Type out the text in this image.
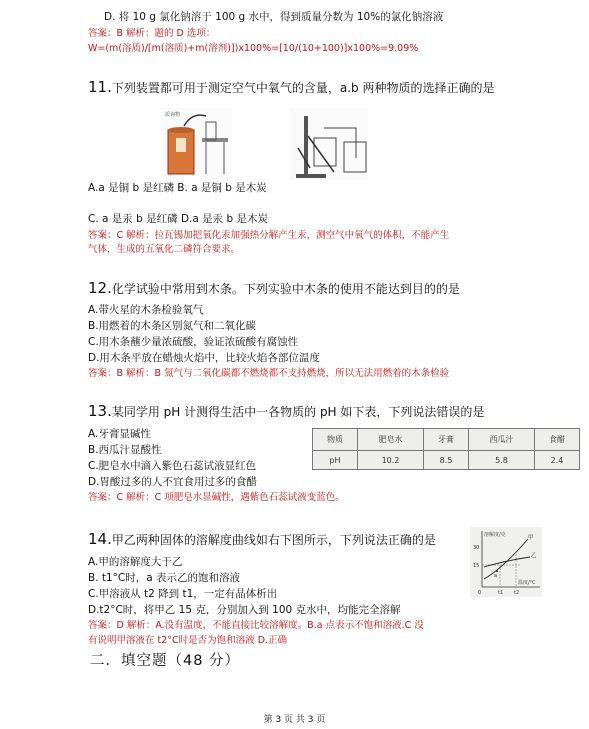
D. 将 10 g 氯化钠溶于 100 g 水中，得到质量分数为 10%的氯化钠溶液
答案：B 解析：题的 D 选项：
W=(m(溶质)/[m(溶质)+m(溶剂)])x100%=[10/(10+100)]x100%=9.09%
11.下列装置都可用于测定空气中氧气的含量，a.b 两种物质的选择正确的是
质询物
A.a 是铜 b 是红磷 B. a 是铜 b 是木炭
C. a 是汞 b 是红磷 D.a 是汞 b 是木炭
答案：C 解析：拉瓦锡加把氧化汞加强热分解产生汞，测空气中氧气的体积，不能产生
气体，生成的五氧化二磷符合要求。
12.化学试验中常用到木条。下列实验中木条的使用不能达到目的的是
A.带火星的木条检验氧气
B.用燃着的木条区别氮气和二氧化碳
C.用木条蘸少量浓硫酸，验证浓硫酸有腐蚀性
D.用木条平放在蜡烛火焰中，比较火焰各部位温度
答案：B 解析：B 氮气与二氧化碳都不燃烧都不支持燃烧，所以无法用燃着的木条检验
13.某同学用 pH 计测得生活中一各物质的 pH 如下表，下列说法错误的是
A.牙膏显碱性
B.西瓜汁显酸性
C.肥皂水中滴入紫色石蕊试液显红色
D.胃酸过多的人不宜食用过多的食醋
答案：C 解析：C 项肥皂水显碱性，遇紫色石蕊试液变蓝色。
物质	肥皂水	牙膏	西瓜汁	食醋
pH	10.2	8.5	5.8	2.4
14.甲乙两种固体的溶解度曲线如右下图所示，下列说法正确的是
A.甲的溶解度大于乙
B. t1°C时，a 表示乙的饱和溶液
C.甲溶液从 t2 降到 t1，一定有晶体析出
D.t2°C时，将甲乙 15 克，分别加入到 100 克水中，均能完全溶解
答案：D 解析：A.没有温度，不能直接比较溶解度。B.a 点表示不饱和溶液.C 没
有说明甲溶液在 t2°C时是否为饱和溶液 D.正确
溶解度/克
温度/°C
30
15
0
甲
乙
a
t1 t2
二．填空题（48 分）
第 3 页 共 3 页
